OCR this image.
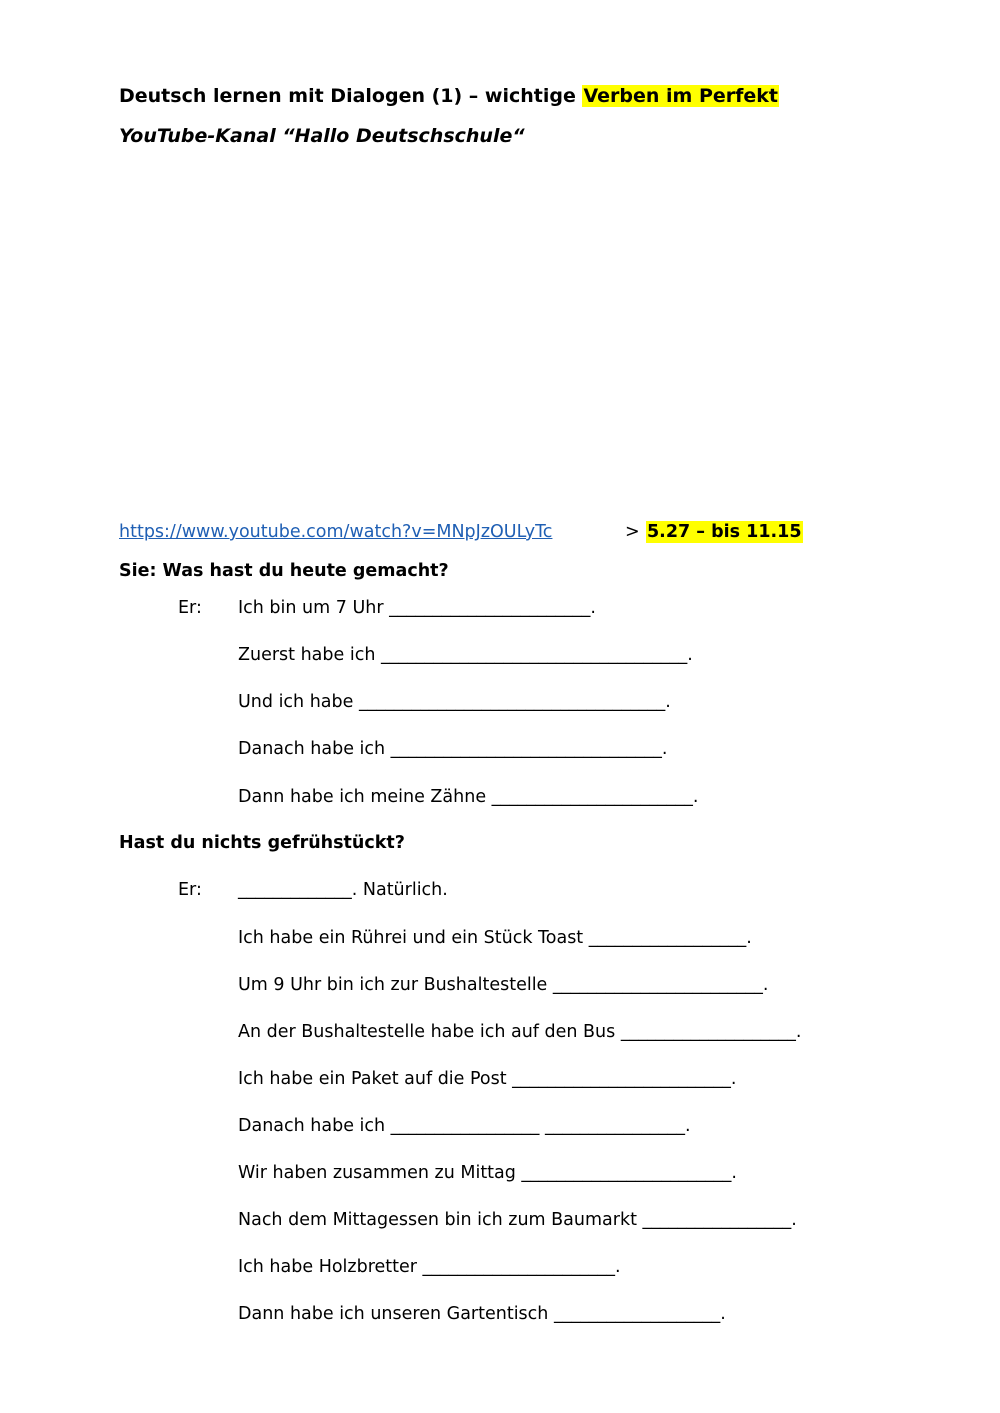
Deutsch lernen mit Dialogen (1) – wichtige Verben im Perfekt
YouTube-Kanal “Hallo Deutschschule“
https://www.youtube.com/watch?v=MNpJzOULyTc	> 5.27 – bis 11.15
Sie: Was hast du heute gemacht?
Er: Ich bin um 7 Uhr _______________________.
Zuerst habe ich ___________________________________.
Und ich habe ___________________________________.
Danach habe ich _______________________________.
Dann habe ich meine Zähne _______________________.
Hast du nichts gefrühstückt?
Er: _____________. Natürlich.
Ich habe ein Rührei und ein Stück Toast __________________.
Um 9 Uhr bin ich zur Bushaltestelle ________________________.
An der Bushaltestelle habe ich auf den Bus ____________________.
Ich habe ein Paket auf die Post _________________________.
Danach habe ich _________________ ________________.
Wir haben zusammen zu Mittag ________________________.
Nach dem Mittagessen bin ich zum Baumarkt _________________.
Ich habe Holzbretter ______________________.
Dann habe ich unseren Gartentisch ___________________.
